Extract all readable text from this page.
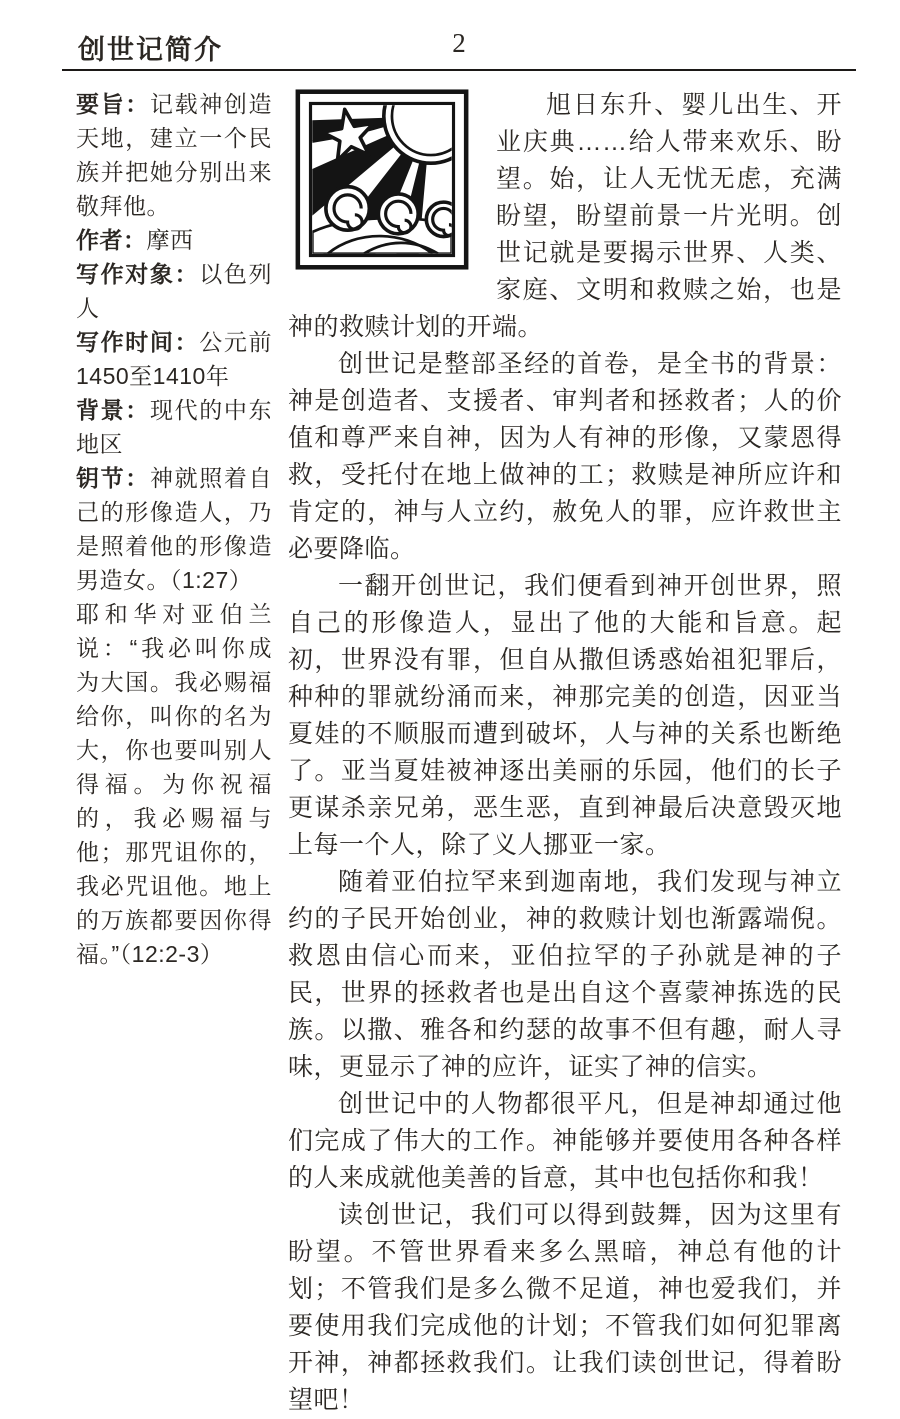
2
创世记简介

要旨：记载神创造天地，建立一个民族并把她分别出来敬拜他。

作者：摩西

写作对象：以色列人

写作时间：公元前1450至1410年

背景：现代的中东地区

钥节：神就照着自己的形像造人，乃是照着他的形像造男造女。（1:27）

耶和华对亚伯兰说：“我必叫你成为大国。我必赐福给你，叫你的名为大，你也要叫别人得福。为你祝福的，我必赐福与他；那咒诅你的，我必咒诅他。地上的万族都要因你得福。”（12:2-3）

旭日东升、婴儿出生、开业庆典……给人带来欢乐、盼望。始，让人无忧无虑，充满盼望，盼望前景一片光明。创世记就是要揭示世界、人类、家庭、文明和救赎之始，也是神的救赎计划的开端。

创世记是整部圣经的首卷，是全书的背景：神是创造者、支援者、审判者和拯救者；人的价值和尊严来自神，因为人有神的形像，又蒙恩得救，受托付在地上做神的工；救赎是神所应许和肯定的，神与人立约，赦免人的罪，应许救世主必要降临。

一翻开创世记，我们便看到神开创世界，照自己的形像造人，显出了他的大能和旨意。起初，世界没有罪，但自从撒但诱惑始祖犯罪后，种种的罪就纷涌而来，神那完美的创造，因亚当夏娃的不顺服而遭到破坏，人与神的关系也断绝了。亚当夏娃被神逐出美丽的乐园，他们的长子更谋杀亲兄弟，恶生恶，直到神最后决意毁灭地上每一个人，除了义人挪亚一家。

随着亚伯拉罕来到迦南地，我们发现与神立约的子民开始创业，神的救赎计划也渐露端倪。救恩由信心而来，亚伯拉罕的子孙就是神的子民，世界的拯救者也是出自这个喜蒙神拣选的民族。以撒、雅各和约瑟的故事不但有趣，耐人寻味，更显示了神的应许，证实了神的信实。

创世记中的人物都很平凡，但是神却通过他们完成了伟大的工作。神能够并要使用各种各样的人来成就他美善的旨意，其中也包括你和我！

读创世记，我们可以得到鼓舞，因为这里有盼望。不管世界看来多么黑暗，神总有他的计划；不管我们是多么微不足道，神也爱我们，并要使用我们完成他的计划；不管我们如何犯罪离开神，神都拯救我们。让我们读创世记，得着盼望吧！
